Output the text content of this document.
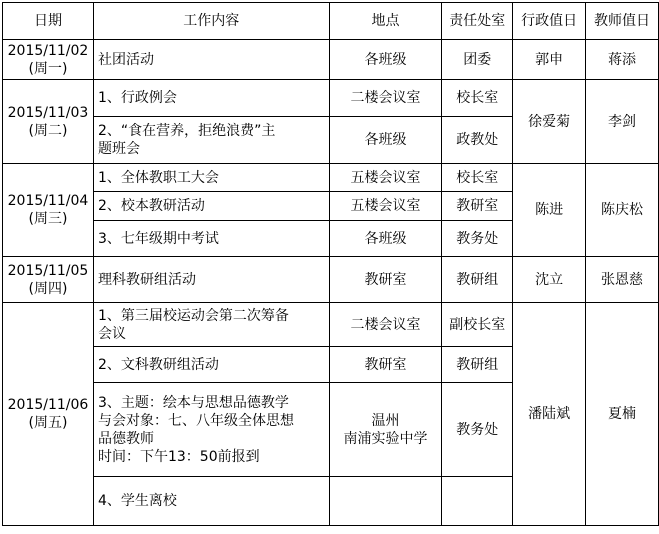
日期	工作内容	地点	责任处室	行政值日	教师值日

2015/11/02
(周一)	社团活动	各班级	团委	郭申	蒋添

2015/11/03
(周二)	1、行政例会	二楼会议室	校长室	徐爱菊	李剑

	2、“食在营养，拒绝浪费”主
题班会	各班级	政教处		

2015/11/04
(周三)	1、全体教职工大会	五楼会议室	校长室	陈进	陈庆松
	2、校本教研活动	五楼会议室	教研室		
	3、七年级期中考试	各班级	教务处		

2015/11/05
(周四)	理科教研组活动	教研室	教研组	沈立	张恩慈

2015/11/06
(周五)	1、第三届校运动会第二次筹备
会议	二楼会议室	副校长室	潘陆斌	夏楠
	2、文科教研组活动	教研室	教研组		

	3、主题：绘本与思想品德教学
与会对象：七、八年级全体思想
品德教师
时间：下午13：50前报到	温州
南浦实验中学	教务处		
	4、学生离校				
